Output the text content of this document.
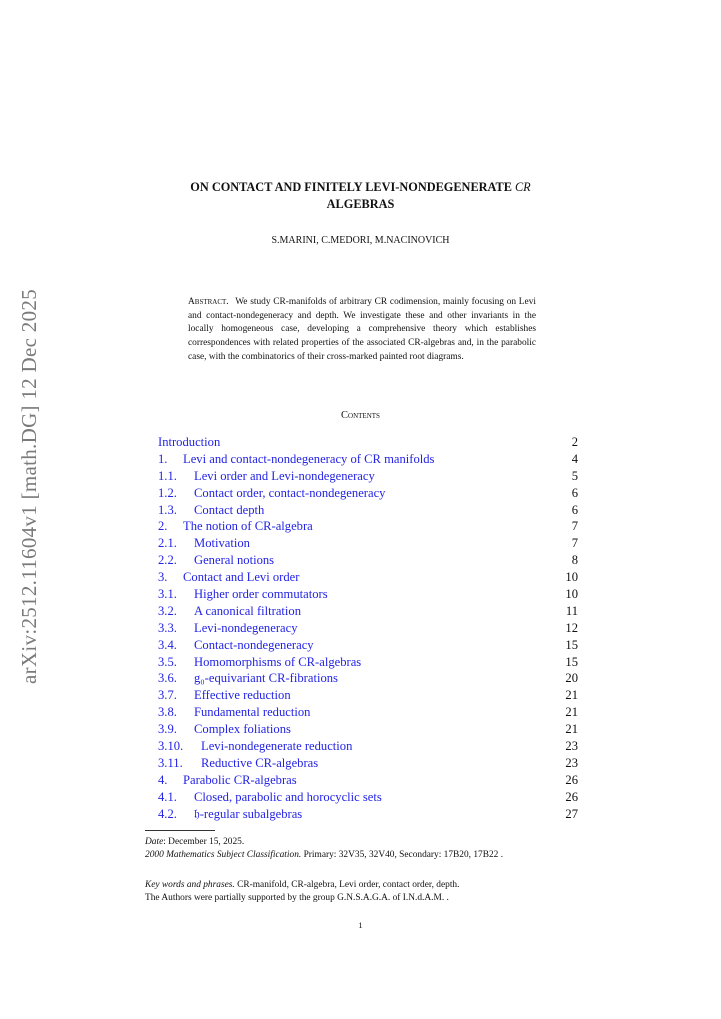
arXiv:2512.11604v1 [math.DG] 12 Dec 2025
ON CONTACT AND FINITELY LEVI-NONDEGENERATE CR
ALGEBRAS
S.MARINI, C.MEDORI, M.NACINOVICH
Abstract. We study CR-manifolds of arbitrary CR codimension, mainly focusing on Levi and contact-nondegeneracy and depth. We investigate these and other invariants in the locally homogeneous case, developing a comprehensive theory which establishes correspondences with related properties of the associated CR-algebras and, in the parabolic case, with the combinatorics of their cross-marked painted root diagrams.
Contents
Introduction	2
1. Levi and contact-nondegeneracy of CR manifolds	4
1.1. Levi order and Levi-nondegeneracy	5
1.2. Contact order, contact-nondegeneracy	6
1.3. Contact depth	6
2. The notion of CR-algebra	7
2.1. Motivation	7
2.2. General notions	8
3. Contact and Levi order	10
3.1. Higher order commutators	10
3.2. A canonical filtration	11
3.3. Levi-nondegeneracy	12
3.4. Contact-nondegeneracy	15
3.5. Homomorphisms of CR-algebras	15
3.6. g₀-equivariant CR-fibrations	20
3.7. Effective reduction	21
3.8. Fundamental reduction	21
3.9. Complex foliations	21
3.10. Levi-nondegenerate reduction	23
3.11. Reductive CR-algebras	23
4. Parabolic CR-algebras	26
4.1. Closed, parabolic and horocyclic sets	26
4.2. 𝔥-regular subalgebras	27
Date: December 15, 2025.
2000 Mathematics Subject Classification. Primary: 32V35, 32V40, Secondary: 17B20, 17B22 .
Key words and phrases. CR-manifold, CR-algebra, Levi order, contact order, depth.
The Authors were partially supported by the group G.N.S.A.G.A. of I.N.d.A.M. .
1
